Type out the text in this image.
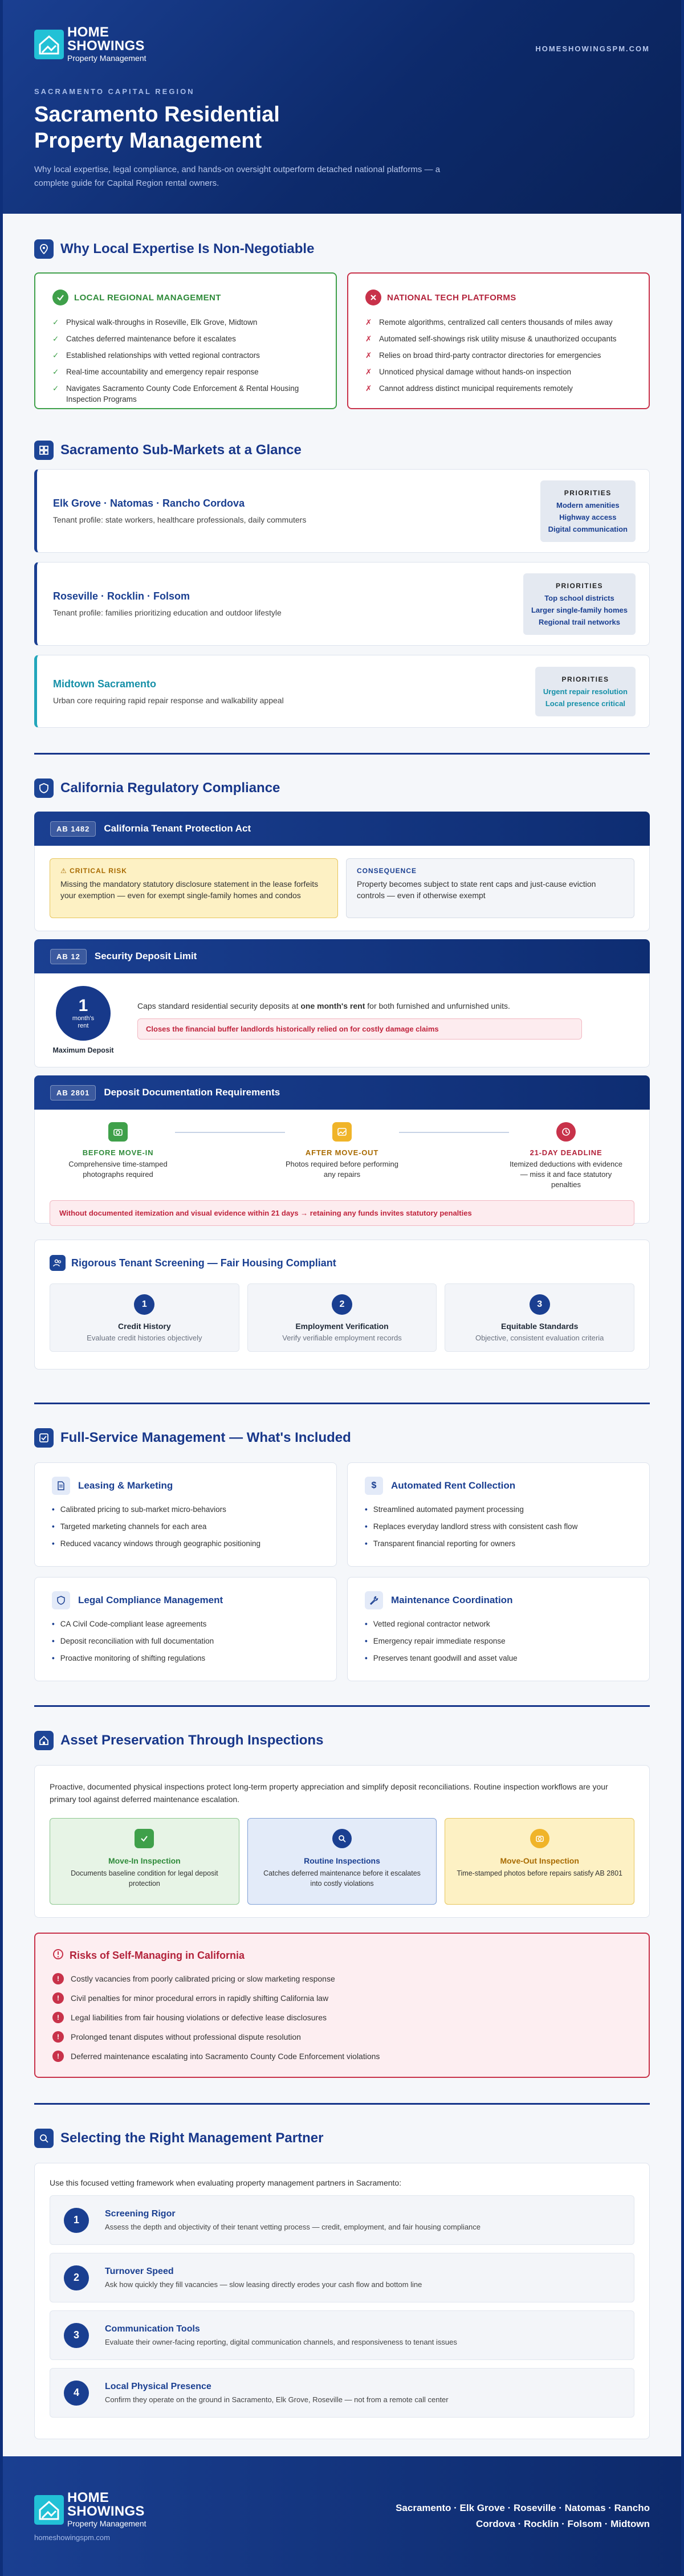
HOME
SHOWINGS
Property Management
HOMESHOWINGSPM.COM
SACRAMENTO CAPITAL REGION
Sacramento Residential Property Management

Why local expertise, legal compliance, and hands-on oversight outperform detached national platforms — a complete guide for Capital Region rental owners.

Why Local Expertise Is Non-Negotiable
LOCAL REGIONAL MANAGEMENT
✓ Physical walk-throughs in Roseville, Elk Grove, Midtown
✓ Catches deferred maintenance before it escalates
✓ Established relationships with vetted regional contractors
✓ Real-time accountability and emergency repair response
✓ Navigates Sacramento County Code Enforcement & Rental Housing Inspection Programs
NATIONAL TECH PLATFORMS
✗ Remote algorithms, centralized call centers thousands of miles away
✗ Automated self-showings risk utility misuse & unauthorized occupants
✗ Relies on broad third-party contractor directories for emergencies
✗ Unnoticed physical damage without hands-on inspection
✗ Cannot address distinct municipal requirements remotely
Sacramento Sub-Markets at a Glance
Elk Grove · Natomas · Rancho Cordova
Tenant profile: state workers, healthcare professionals, daily commuters
PRIORITIES
Modern amenities
Highway access
Digital communication
Roseville · Rocklin · Folsom
Tenant profile: families prioritizing education and outdoor lifestyle
PRIORITIES
Top school districts
Larger single-family homes
Regional trail networks
Midtown Sacramento
Urban core requiring rapid repair response and walkability appeal
PRIORITIES
Urgent repair resolution
Local presence critical
California Regulatory Compliance
AB 1482	California Tenant Protection Act
⚠ CRITICAL RISK
Missing the mandatory statutory disclosure statement in the lease forfeits your exemption — even for exempt single-family homes and condos
CONSEQUENCE
Property becomes subject to state rent caps and just-cause eviction controls — even if otherwise exempt
AB 12	Security Deposit Limit
1
month's rent
Maximum Deposit
Caps standard residential security deposits at one month's rent for both furnished and unfurnished units.
Closes the financial buffer landlords historically relied on for costly damage claims
AB 2801	Deposit Documentation Requirements
BEFORE MOVE-IN
Comprehensive time-stamped photographs required
AFTER MOVE-OUT
Photos required before performing any repairs
21-DAY DEADLINE
Itemized deductions with evidence — miss it and face statutory penalties
Without documented itemization and visual evidence within 21 days → retaining any funds invites statutory penalties
Rigorous Tenant Screening — Fair Housing Compliant
1
Credit History
Evaluate credit histories objectively
2
Employment Verification
Verify verifiable employment records
3
Equitable Standards
Objective, consistent evaluation criteria
Full-Service Management — What's Included
Leasing & Marketing
• Calibrated pricing to sub-market micro-behaviors
• Targeted marketing channels for each area
• Reduced vacancy windows through geographic positioning
$	Automated Rent Collection
• Streamlined automated payment processing
• Replaces everyday landlord stress with consistent cash flow
• Transparent financial reporting for owners
Legal Compliance Management
• CA Civil Code-compliant lease agreements
• Deposit reconciliation with full documentation
• Proactive monitoring of shifting regulations
Maintenance Coordination
• Vetted regional contractor network
• Emergency repair immediate response
• Preserves tenant goodwill and asset value
Asset Preservation Through Inspections

Proactive, documented physical inspections protect long-term property appreciation and simplify deposit reconciliations. Routine inspection workflows are your primary tool against deferred maintenance escalation.

Move-In Inspection
Documents baseline condition for legal deposit protection
Routine Inspections
Catches deferred maintenance before it escalates into costly violations
Move-Out Inspection
Time-stamped photos before repairs satisfy AB 2801
Risks of Self-Managing in California
!	Costly vacancies from poorly calibrated pricing or slow marketing response
!	Civil penalties for minor procedural errors in rapidly shifting California law
!	Legal liabilities from fair housing violations or defective lease disclosures
!	Prolonged tenant disputes without professional dispute resolution
!	Deferred maintenance escalating into Sacramento County Code Enforcement violations
Selecting the Right Management Partner

Use this focused vetting framework when evaluating property management partners in Sacramento:

1
Screening Rigor
Assess the depth and objectivity of their tenant vetting process — credit, employment, and fair housing compliance
2
Turnover Speed
Ask how quickly they fill vacancies — slow leasing directly erodes your cash flow and bottom line
3
Communication Tools
Evaluate their owner-facing reporting, digital communication channels, and responsiveness to tenant issues
4
Local Physical Presence
Confirm they operate on the ground in Sacramento, Elk Grove, Roseville — not from a remote call center
HOME
SHOWINGS
Property Management
homeshowingspm.com
Sacramento · Elk Grove · Roseville · Natomas · Rancho Cordova · Rocklin · Folsom · Midtown
